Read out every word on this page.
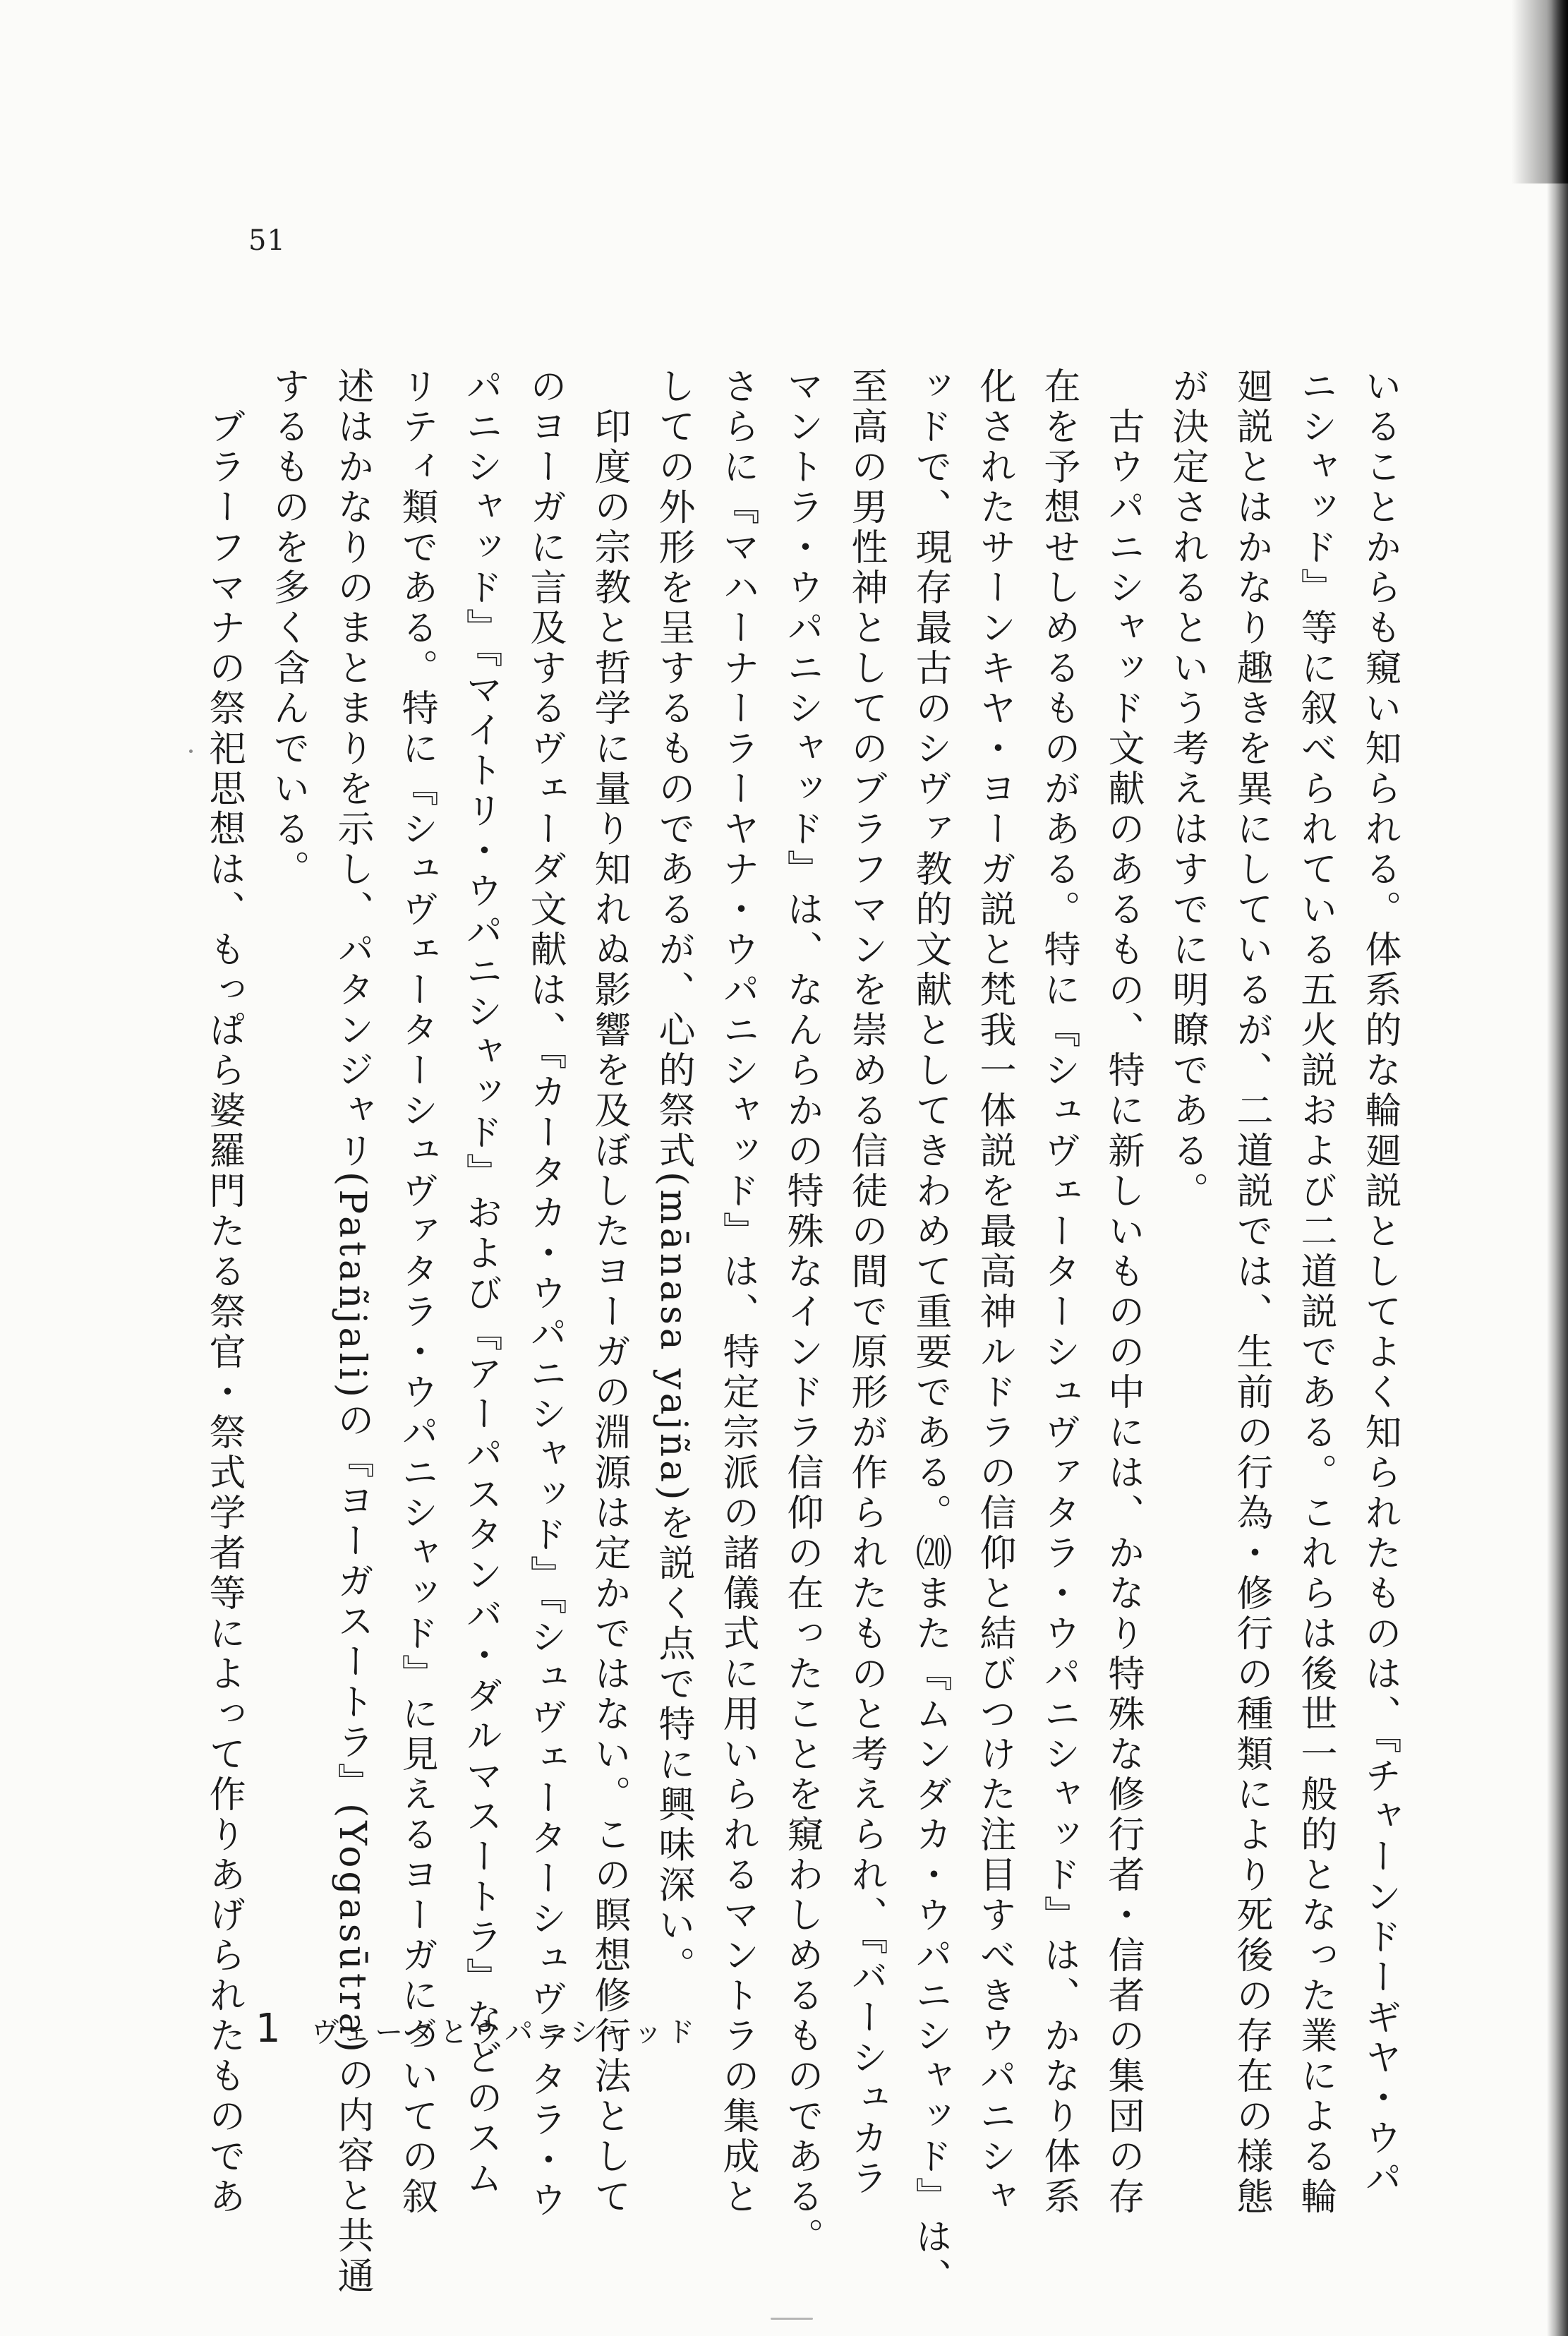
51
いることからも窺い知られる。体系的な輪廻説としてよく知られたものは、『チャーンドーギヤ・ウパ
ニシャッド』等に叙べられている五火説および二道説である。これらは後世一般的となった業による輪
廻説とはかなり趣きを異にしているが、二道説では、生前の行為・修行の種類により死後の存在の様態
が決定されるという考えはすでに明瞭である。
　古ウパニシャッド文献のあるもの、特に新しいものの中には、かなり特殊な修行者・信者の集団の存
在を予想せしめるものがある。特に『シュヴェーターシュヴァタラ・ウパニシャッド』は、かなり体系
化されたサーンキヤ・ヨーガ説と梵我一体説を最高神ルドラの信仰と結びつけた注目すべきウパニシャ
ッドで、現存最古のシヴァ教的文献としてきわめて重要である。⒇また『ムンダカ・ウパニシャッド』は、
至高の男性神としてのブラフマンを崇める信徒の間で原形が作られたものと考えられ、『バーシュカラ
マントラ・ウパニシャッド』は、なんらかの特殊なインドラ信仰の在ったことを窺わしめるものである。
さらに『マハーナーラーヤナ・ウパニシャッド』は、特定宗派の諸儀式に用いられるマントラの集成と
しての外形を呈するものであるが、心的祭式(mānasa yajña)を説く点で特に興味深い。
　印度の宗教と哲学に量り知れぬ影響を及ぼしたヨーガの淵源は定かではない。この瞑想修行法として
のヨーガに言及するヴェーダ文献は、『カータカ・ウパニシャッド』『シュヴェーターシュヴァタラ・ウ
パニシャッド』『マイトリ・ウパニシャッド』および『アーパスタンバ・ダルマスートラ』などのスム
リティ類である。特に『シュヴェーターシュヴァタラ・ウパニシャッド』に見えるヨーガについての叙
述はかなりのまとまりを示し、パタンジャリ(Patañjali)の『ヨーガスートラ』(Yogasūtra)の内容と共通
するものを多く含んでいる。
　ブラーフマナの祭祀思想は、もっぱら婆羅門たる祭官・祭式学者等によって作りあげられたものであ 1 ヴェーダとウパニシャッド
